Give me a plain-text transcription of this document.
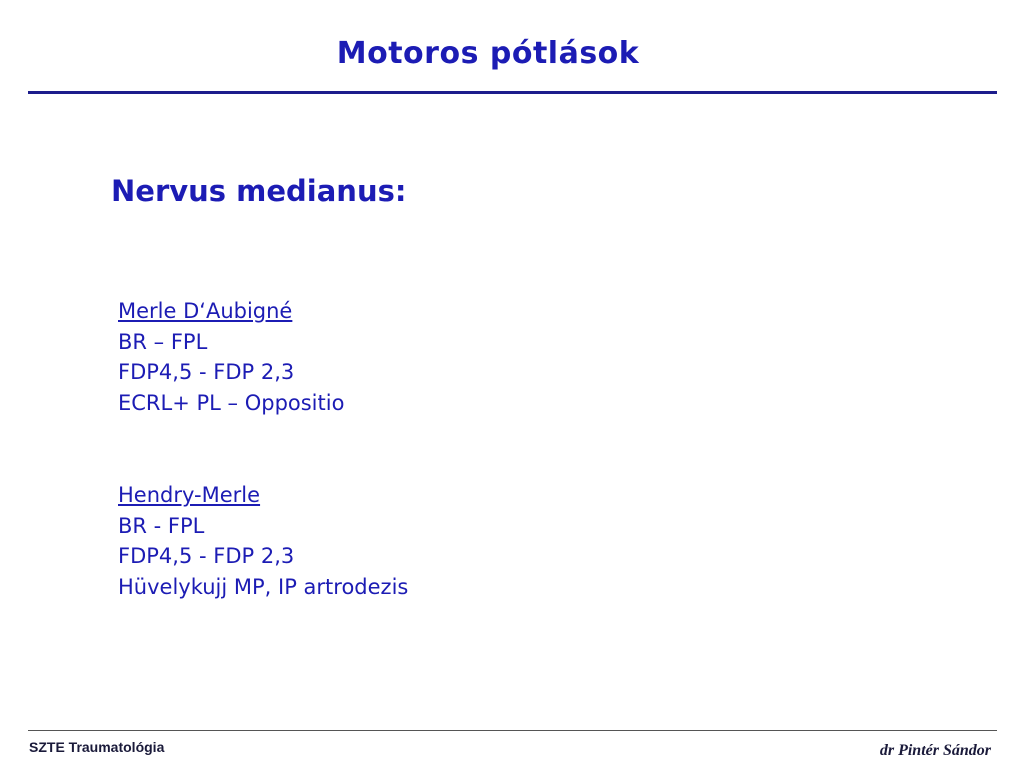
Motoros pótlások
Nervus medianus:
Merle D‘Aubigné
BR – FPL
FDP4,5 - FDP 2,3
ECRL+ PL – Oppositio
Hendry-Merle
BR - FPL
FDP4,5 - FDP 2,3
Hüvelykujj MP, IP artrodezis
SZTE Traumatológia	dr Pintér Sándor
